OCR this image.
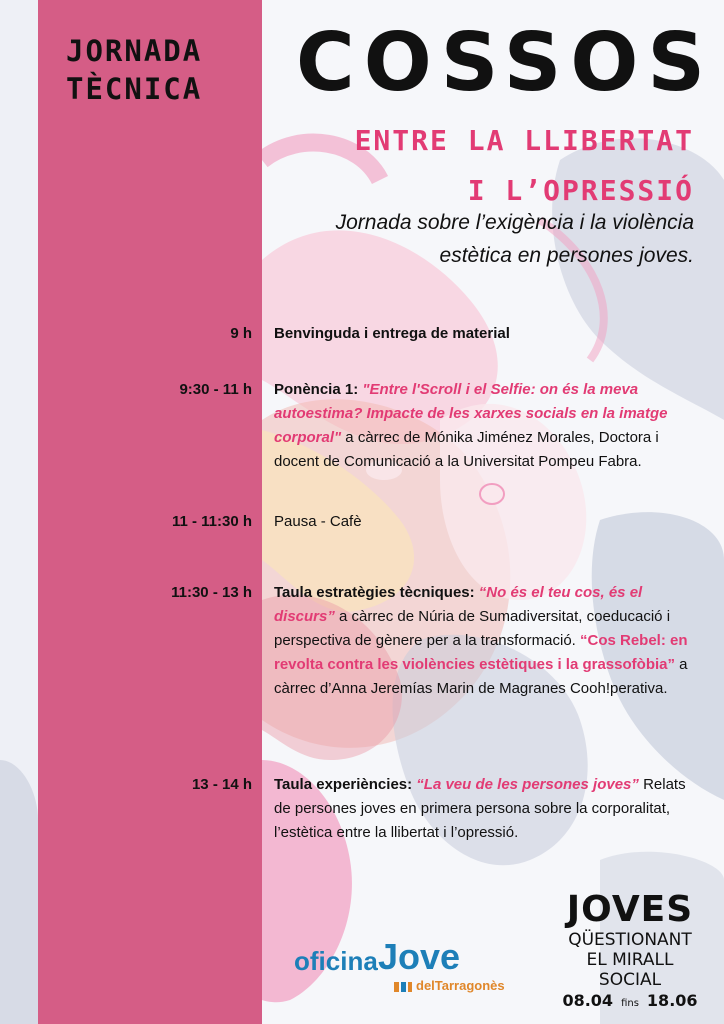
JORNADA
TÈCNICA	COSSOS
ENTRE LA LLIBERTAT
I L’OPRESSIÓ
Jornada sobre l’exigència i la violència
estètica en persones joves.
9 h Benvinguda i entrega de material
9:30 - 11 h Ponència 1: "Entre l'Scroll i el Selfie: on és la meva autoestima? Impacte de les xarxes socials en la imatge corporal" a càrrec de Mónika Jiménez Morales, Doctora i docent de Comunicació a la Universitat Pompeu Fabra.
11 - 11:30 h Pausa - Cafè
11:30 - 13 h Taula estratègies tècniques: “No és el teu cos, és el discurs” a càrrec de Núria de Sumadiversitat, coeducació i perspectiva de gènere per a la transformació. “Cos Rebel: en revolta contra les violències estètiques i la grassofòbia” a càrrec d’Anna Jeremías Marin de Magranes Cooh!perativa.
13 - 14 h Taula experiències: “La veu de les persones joves” Relats de persones joves en primera persona sobre la corporalitat, l’estètica entre la llibertat i l’opressió.
oficina Jove
delTarragonès
JOVES
QÜESTIONANT
EL MIRALL SOCIAL
08.04 fins 18.06
